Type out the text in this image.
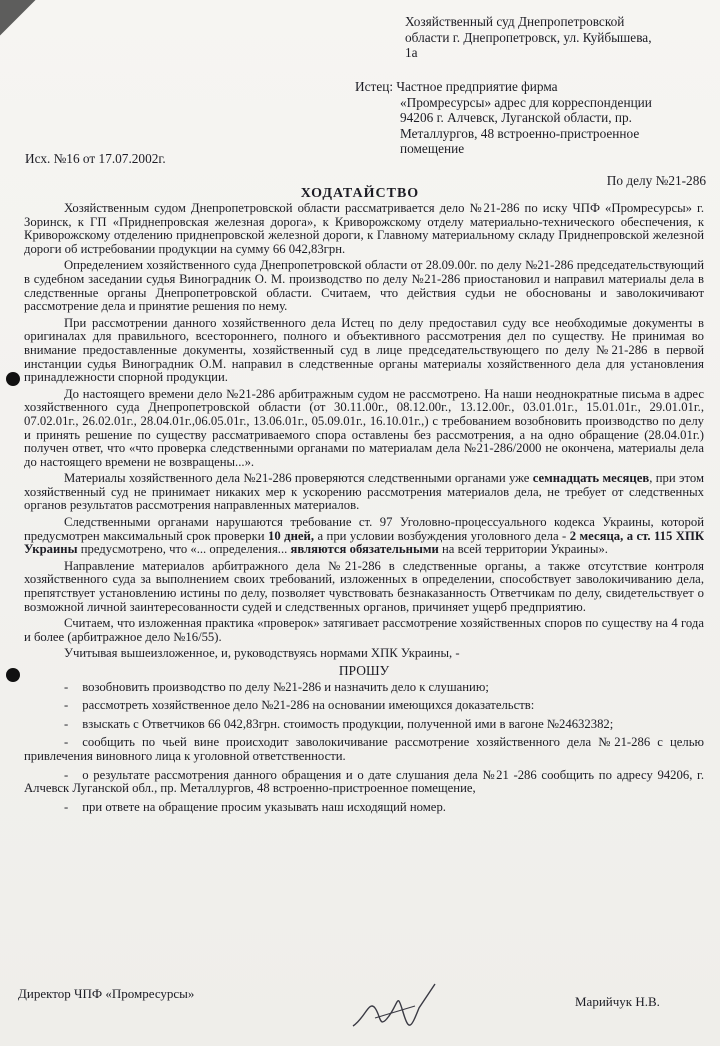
Хозяйственный суд Днепропетровской
области г. Днепропетровск, ул. Куйбышева,
1а
Истец: Частное предприятие фирма
«Промресурсы» адрес для корреспонденции
94206 г. Алчевск, Луганской области, пр.
Металлургов, 48 встроенно-пристроенное
помещение
Исх. №16 от 17.07.2002г.
По делу №21-286
ХОДАТАЙСТВО

Хозяйственным судом Днепропетровской области рассматривается дело №21-286 по иску ЧПФ «Промресурсы» г. Зоринск, к ГП «Приднепровская железная дорога», к Криворожскому отделу материально-технического обеспечения, к Криворожскому отделению приднепровской железной дороги, к Главному материальному складу Приднепровской железной дороги об истребовании продукции на сумму 66 042,83грн.

Определением хозяйственного суда Днепропетровской области от 28.09.00г. по делу №21-286 председательствующий в судебном заседании судья Виноградник О. М. производство по делу №21-286 приостановил и направил материалы дела в следственные органы Днепропетровской области. Считаем, что действия судьи не обоснованы и заволокичивают рассмотрение дела и принятие решения по нему.

При рассмотрении данного хозяйственного дела Истец по делу предоставил суду все необходимые документы в оригиналах для правильного, всестороннего, полного и объективного рассмотрения дел по существу. Не принимая во внимание предоставленные документы, хозяйственный суд в лице председательствующего по делу №21-286 в первой инстанции судья Виноградник О.М. направил в следственные органы материалы хозяйственного дела для установления принадлежности спорной продукции.

До настоящего времени дело №21-286 арбитражным судом не рассмотрено. На наши неоднократные письма в адрес хозяйственного суда Днепропетровской области (от 30.11.00г., 08.12.00г., 13.12.00г., 03.01.01г., 15.01.01г., 29.01.01г., 07.02.01г., 26.02.01г., 28.04.01г.,06.05.01г., 13.06.01г., 05.09.01г., 16.10.01г.,) с требованием возобновить производство по делу и принять решение по существу рассматриваемого спора оставлены без рассмотрения, а на одно обращение (28.04.01г.) получен ответ, что «что проверка следственными органами по материалам дела №21-286/2000 не окончена, материалы дела до настоящего времени не возвращены...».

Материалы хозяйственного дела №21-286 проверяются следственными органами уже семнадцать месяцев, при этом хозяйственный суд не принимает никаких мер к ускорению рассмотрения материалов дела, не требует от следственных органов результатов рассмотрения направленных материалов.

Следственными органами нарушаются требование ст. 97 Уголовно-процессуального кодекса Украины, которой предусмотрен максимальный срок проверки 10 дней, а при условии возбуждения уголовного дела - 2 месяца, а ст. 115 ХПК Украины предусмотрено, что «... определения... являются обязательными на всей территории Украины».

Направление материалов арбитражного дела №21-286 в следственные органы, а также отсутствие контроля хозяйственного суда за выполнением своих требований, изложенных в определении, способствует заволокичиванию дела, препятствует установлению истины по делу, позволяет чувствовать безнаказанность Ответчикам по делу, свидетельствует о возможной личной заинтересованности судей и следственных органов, причиняет ущерб предприятию.

Считаем, что изложенная практика «проверок» затягивает рассмотрение хозяйственных споров по существу на 4 года и более (арбитражное дело №16/55).

Учитывая вышеизложенное, и, руководствуясь нормами ХПК Украины, -

ПРОШУ

- возобновить производство по делу №21-286 и назначить дело к слушанию;
- рассмотреть хозяйственное дело №21-286 на основании имеющихся доказательств:
- взыскать с Ответчиков 66 042,83грн. стоимость продукции, полученной ими в вагоне №24632382;
- сообщить по чьей вине происходит заволокичивание рассмотрение хозяйственного дела №21-286 с целью привлечения виновного лица к уголовной ответственности.
- о результате рассмотрения данного обращения и о дате слушания дела №21 -286 сообщить по адресу 94206, г. Алчевск Луганской обл., пр. Металлургов, 48 встроенно-пристроенное помещение,
- при ответе на обращение просим указывать наш исходящий номер.
Директор ЧПФ «Промресурсы»
Марийчук Н.В.
